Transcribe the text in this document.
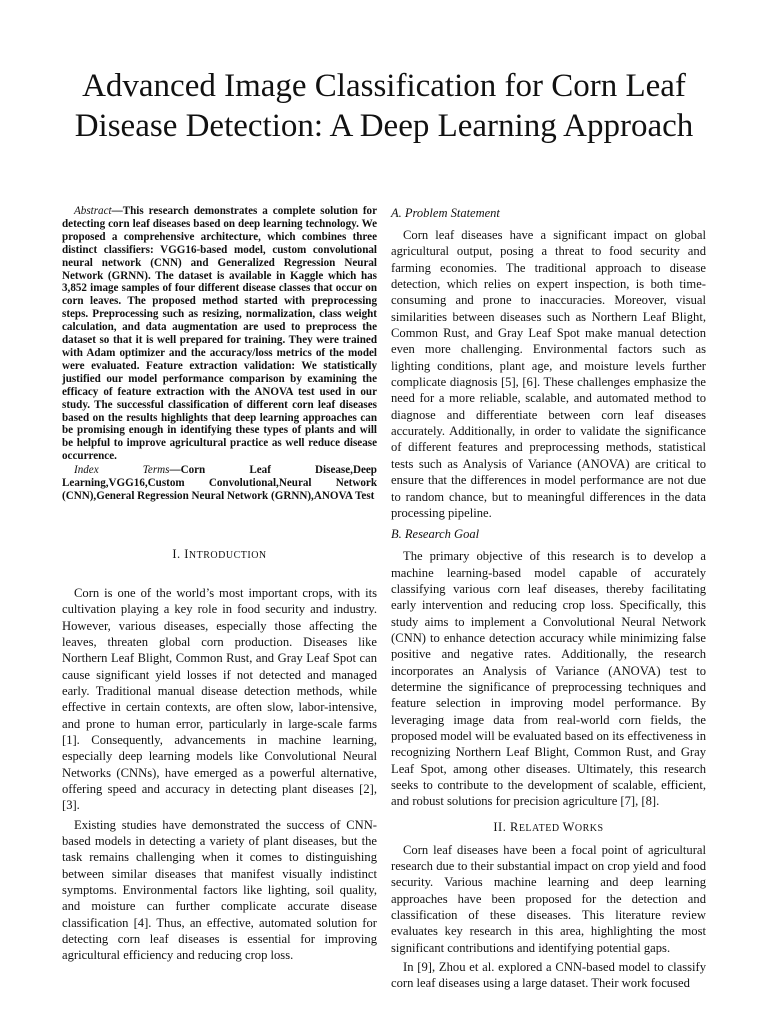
Advanced Image Classification for Corn Leaf Disease Detection: A Deep Learning Approach

Abstract—This research demonstrates a complete solution for detecting corn leaf diseases based on deep learning technology. We proposed a comprehensive architecture, which combines three distinct classifiers: VGG16-based model, custom convolutional neural network (CNN) and Generalized Regression Neural Network (GRNN). The dataset is available in Kaggle which has 3,852 image samples of four different disease classes that occur on corn leaves. The proposed method started with preprocessing steps. Preprocessing such as resizing, normalization, class weight calculation, and data augmentation are used to preprocess the dataset so that it is well prepared for training. They were trained with Adam optimizer and the accuracy/loss metrics of the model were evaluated. Feature extraction validation: We statistically justified our model performance comparison by examining the efficacy of feature extraction with the ANOVA test used in our study. The successful classification of different corn leaf diseases based on the results highlights that deep learning approaches can be promising enough in identifying these types of plants and will be helpful to improve agricultural practice as well reduce disease occurrence.

Index Terms—Corn Leaf Disease,Deep Learning,VGG16,Custom Convolutional,Neural Network (CNN),General Regression Neural Network (GRNN),ANOVA Test

I. INTRODUCTION

Corn is one of the world’s most important crops, with its cultivation playing a key role in food security and industry. However, various diseases, especially those affecting the leaves, threaten global corn production. Diseases like Northern Leaf Blight, Common Rust, and Gray Leaf Spot can cause significant yield losses if not detected and managed early. Traditional manual disease detection methods, while effective in certain contexts, are often slow, labor-intensive, and prone to human error, particularly in large-scale farms [1]. Consequently, advancements in machine learning, especially deep learning models like Convolutional Neural Networks (CNNs), have emerged as a powerful alternative, offering speed and accuracy in detecting plant diseases [2], [3].

Existing studies have demonstrated the success of CNN-based models in detecting a variety of plant diseases, but the task remains challenging when it comes to distinguishing between similar diseases that manifest visually indistinct symptoms. Environmental factors like lighting, soil quality, and moisture can further complicate accurate disease classification [4]. Thus, an effective, automated solution for detecting corn leaf diseases is essential for improving agricultural efficiency and reducing crop loss.

A. Problem Statement

Corn leaf diseases have a significant impact on global agricultural output, posing a threat to food security and farming economies. The traditional approach to disease detection, which relies on expert inspection, is both time-consuming and prone to inaccuracies. Moreover, visual similarities between diseases such as Northern Leaf Blight, Common Rust, and Gray Leaf Spot make manual detection even more challenging. Environmental factors such as lighting conditions, plant age, and moisture levels further complicate diagnosis [5], [6]. These challenges emphasize the need for a more reliable, scalable, and automated method to diagnose and differentiate between corn leaf diseases accurately. Additionally, in order to validate the significance of different features and preprocessing methods, statistical tests such as Analysis of Variance (ANOVA) are critical to ensure that the differences in model performance are not due to random chance, but to meaningful differences in the data processing pipeline.

B. Research Goal

The primary objective of this research is to develop a machine learning-based model capable of accurately classifying various corn leaf diseases, thereby facilitating early intervention and reducing crop loss. Specifically, this study aims to implement a Convolutional Neural Network (CNN) to enhance detection accuracy while minimizing false positive and negative rates. Additionally, the research incorporates an Analysis of Variance (ANOVA) test to determine the significance of preprocessing techniques and feature selection in improving model performance. By leveraging image data from real-world corn fields, the proposed model will be evaluated based on its effectiveness in recognizing Northern Leaf Blight, Common Rust, and Gray Leaf Spot, among other diseases. Ultimately, this research seeks to contribute to the development of scalable, efficient, and robust solutions for precision agriculture [7], [8].

II. RELATED WORKS

Corn leaf diseases have been a focal point of agricultural research due to their substantial impact on crop yield and food security. Various machine learning and deep learning approaches have been proposed for the detection and classification of these diseases. This literature review evaluates key research in this area, highlighting the most significant contributions and identifying potential gaps.

In [9], Zhou et al. explored a CNN-based model to classify corn leaf diseases using a large dataset. Their work focused
